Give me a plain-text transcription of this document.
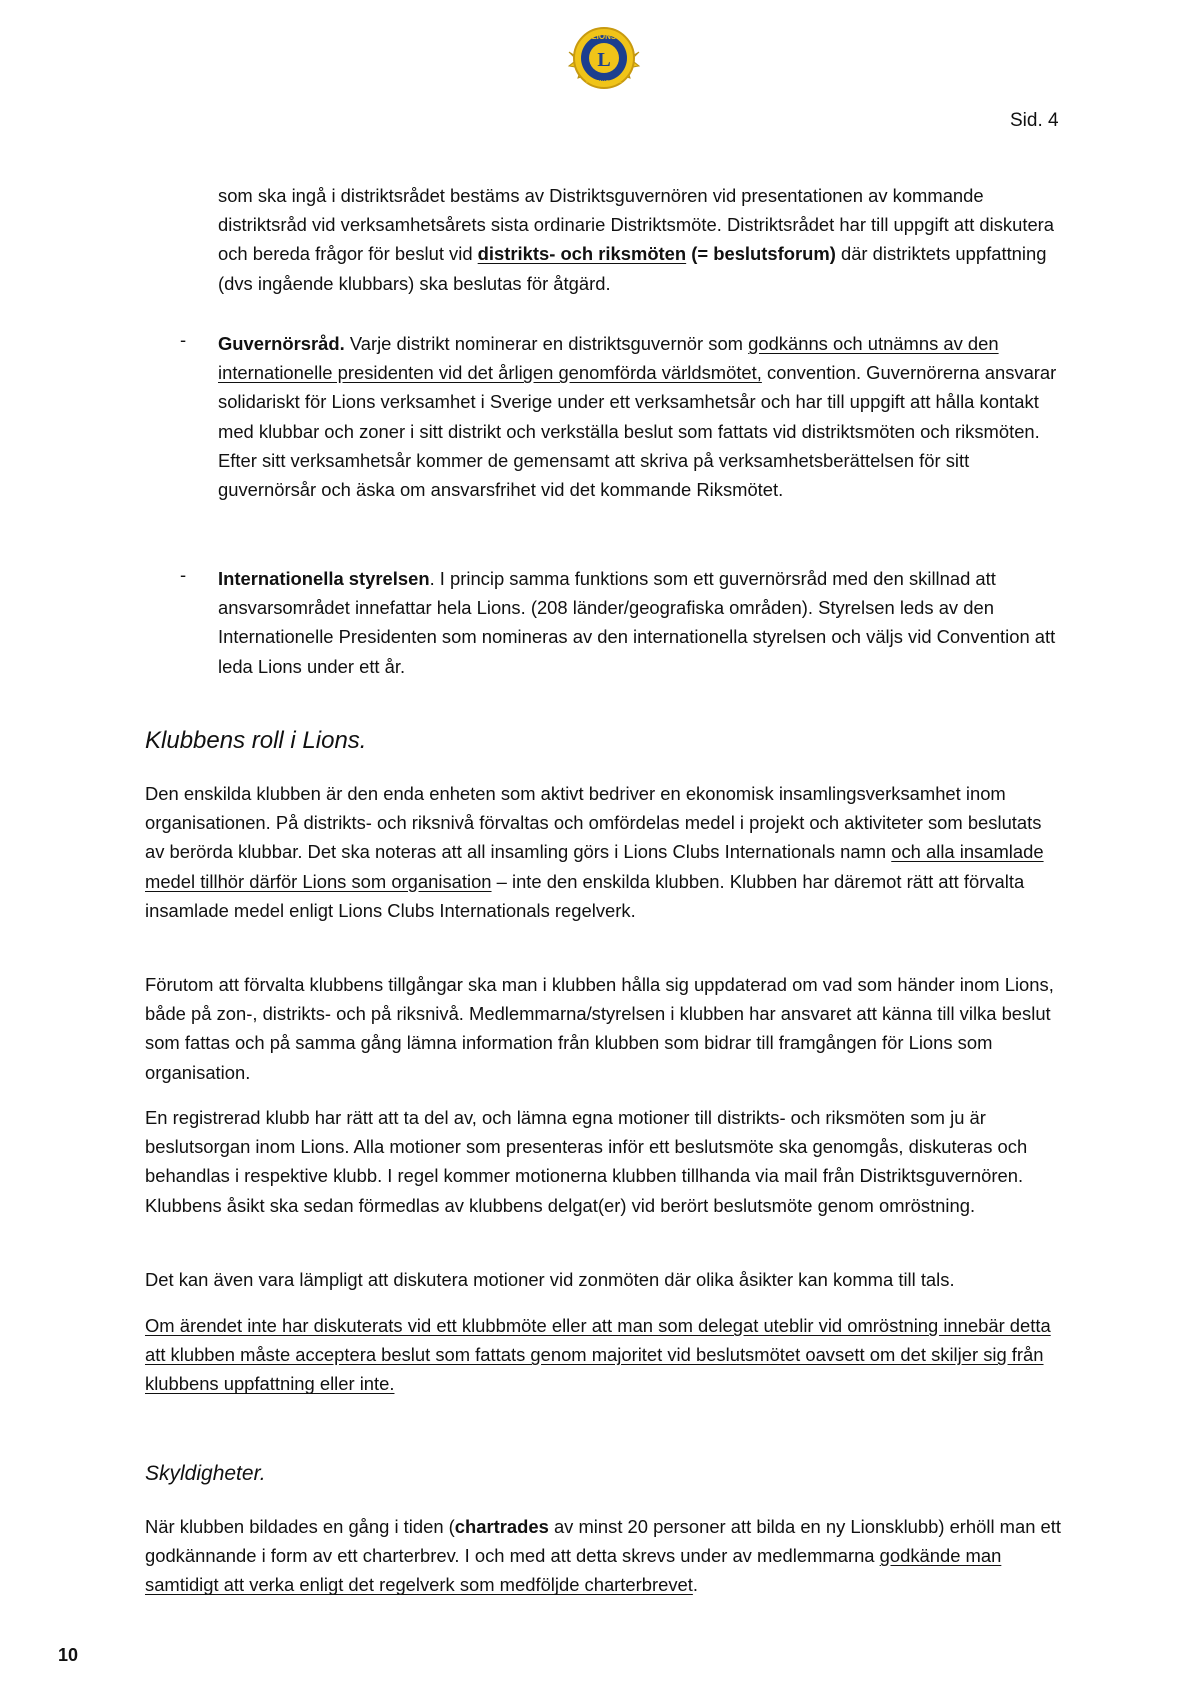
L
LIONS
INTERNATIONAL
Sid. 4

som ska ingå i distriktsrådet bestäms av Distriktsguvernören vid presentationen av kommande distriktsråd vid verksamhetsårets sista ordinarie Distriktsmöte. Distriktsrådet har till uppgift att diskutera och bereda frågor för beslut vid distrikts- och riksmöten (= beslutsforum) där distriktets uppfattning (dvs ingående klubbars) ska beslutas för åtgärd.

- Guvernörsråd. Varje distrikt nominerar en distriktsguvernör som godkänns och utnämns av den internationelle presidenten vid det årligen genomförda världsmötet, convention. Guvernörerna ansvarar solidariskt för Lions verksamhet i Sverige under ett verksamhetsår och har till uppgift att hålla kontakt med klubbar och zoner i sitt distrikt och verkställa beslut som fattats vid distriktsmöten och riksmöten. Efter sitt verksamhetsår kommer de gemensamt att skriva på verksamhetsberättelsen för sitt guvernörsår och äska om ansvarsfrihet vid det kommande Riksmötet.

- Internationella styrelsen. I princip samma funktions som ett guvernörsråd med den skillnad att ansvarsområdet innefattar hela Lions. (208 länder/geografiska områden). Styrelsen leds av den Internationelle Presidenten som nomineras av den internationella styrelsen och väljs vid Convention att leda Lions under ett år.

Klubbens roll i Lions.

Den enskilda klubben är den enda enheten som aktivt bedriver en ekonomisk insamlingsverksamhet inom organisationen. På distrikts- och riksnivå förvaltas och omfördelas medel i projekt och aktiviteter som beslutats av berörda klubbar. Det ska noteras att all insamling görs i Lions Clubs Internationals namn och alla insamlade medel tillhör därför Lions som organisation – inte den enskilda klubben. Klubben har däremot rätt att förvalta insamlade medel enligt Lions Clubs Internationals regelverk.

Förutom att förvalta klubbens tillgångar ska man i klubben hålla sig uppdaterad om vad som händer inom Lions, både på zon-, distrikts- och på riksnivå. Medlemmarna/styrelsen i klubben har ansvaret att känna till vilka beslut som fattas och på samma gång lämna information från klubben som bidrar till framgången för Lions som organisation.

En registrerad klubb har rätt att ta del av, och lämna egna motioner till distrikts- och riksmöten som ju är beslutsorgan inom Lions. Alla motioner som presenteras inför ett beslutsmöte ska genomgås, diskuteras och behandlas i respektive klubb. I regel kommer motionerna klubben tillhanda via mail från Distriktsguvernören. Klubbens åsikt ska sedan förmedlas av klubbens delgat(er) vid berört beslutsmöte genom omröstning.

Det kan även vara lämpligt att diskutera motioner vid zonmöten där olika åsikter kan komma till tals.

Om ärendet inte har diskuterats vid ett klubbmöte eller att man som delegat uteblir vid omröstning innebär detta att klubben måste acceptera beslut som fattats genom majoritet vid beslutsmötet oavsett om det skiljer sig från klubbens uppfattning eller inte.

Skyldigheter.

När klubben bildades en gång i tiden (chartrades av minst 20 personer att bilda en ny Lionsklubb) erhöll man ett godkännande i form av ett charterbrev. I och med att detta skrevs under av medlemmarna godkände man samtidigt att verka enligt det regelverk som medföljde charterbrevet.

10
